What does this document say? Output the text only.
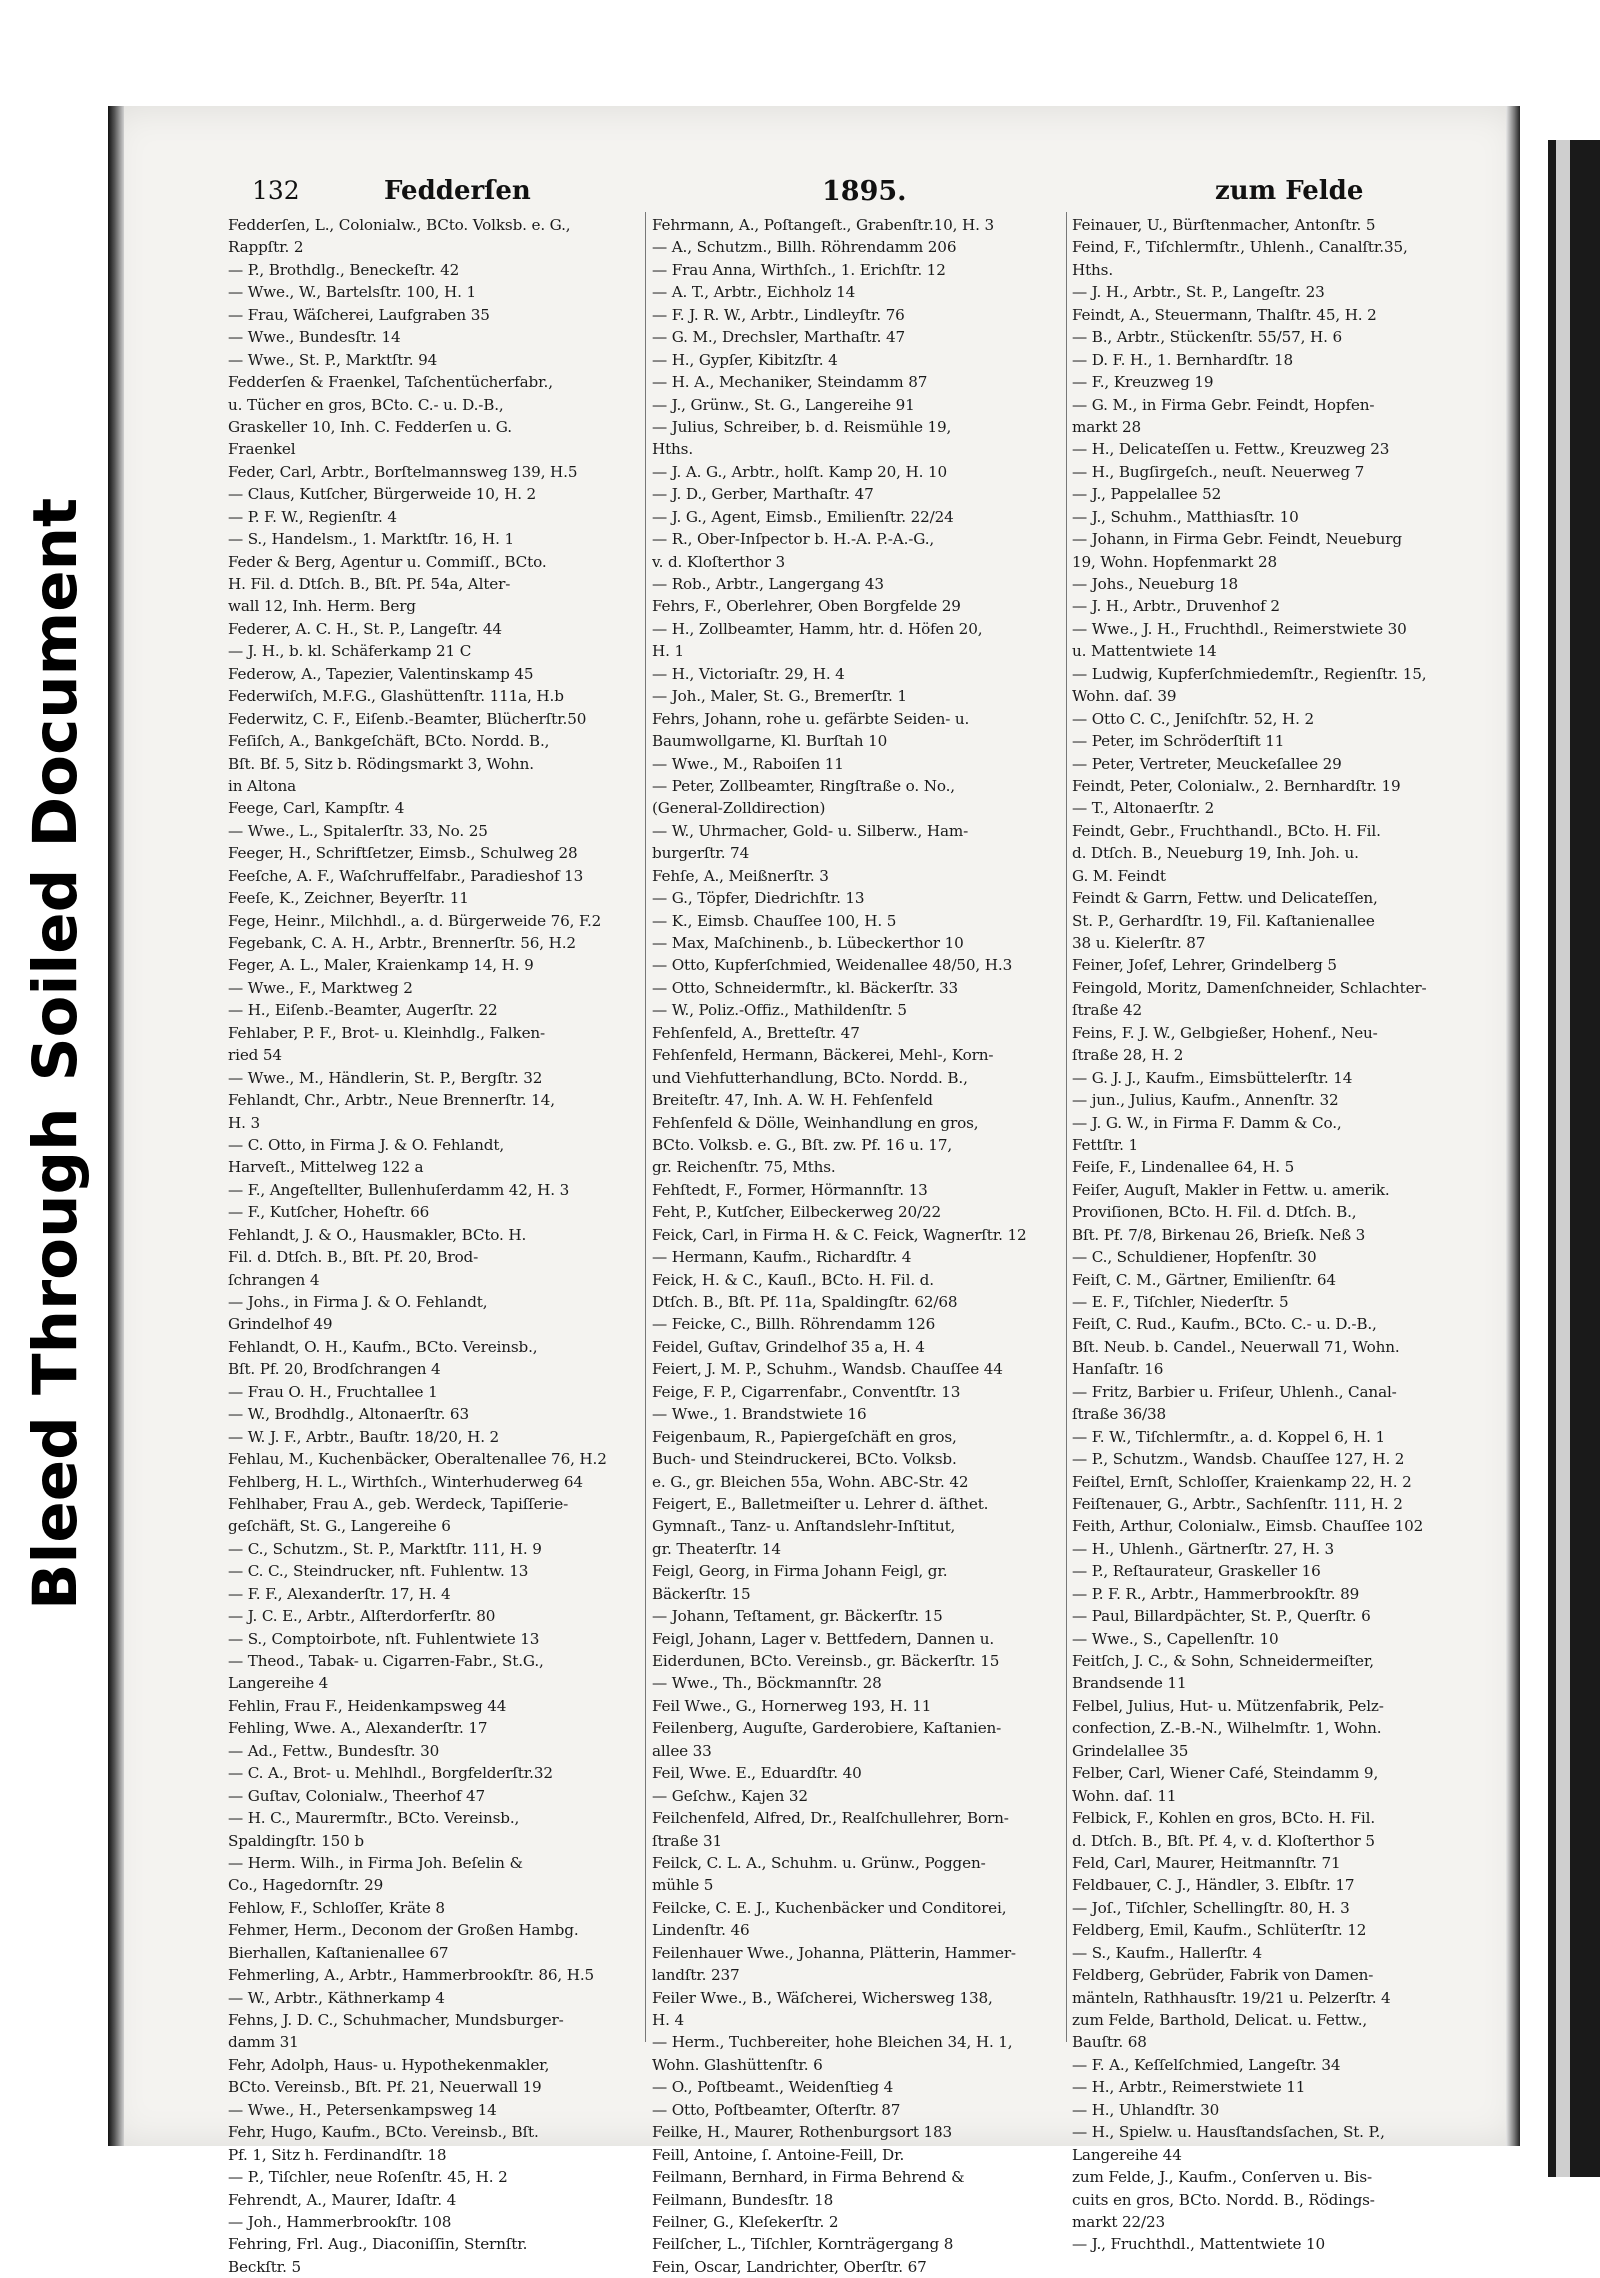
Bleed ThroughSoiled Document
132	Fedderſen	1895.	zum Felde
Fedderſen, L., Colonialw., BCto. Volksb. e. G.,
Rappſtr. 2
— P., Brothdlg., Beneckeſtr. 42
— Wwe., W., Bartelsſtr. 100, H. 1
— Frau, Wäſcherei, Laufgraben 35
— Wwe., Bundesſtr. 14
— Wwe., St. P., Marktſtr. 94
Fedderſen & Fraenkel, Taſchentücherfabr.,
u. Tücher en gros, BCto. C.- u. D.-B.,
Graskeller 10, Inh. C. Fedderſen u. G.
Fraenkel
Feder, Carl, Arbtr., Borſtelmannsweg 139, H.5
— Claus, Kutſcher, Bürgerweide 10, H. 2
— P. F. W., Regienſtr. 4
— S., Handelsm., 1. Marktſtr. 16, H. 1
Feder & Berg, Agentur u. Commiſſ., BCto.
H. Fil. d. Dtſch. B., Bſt. Pf. 54a, Alter-
wall 12, Inh. Herm. Berg
Federer, A. C. H., St. P., Langeſtr. 44
— J. H., b. kl. Schäferkamp 21 C
Federow, A., Tapezier, Valentinskamp 45
Federwiſch, M.F.G., Glashüttenſtr. 111a, H.b
Federwitz, C. F., Eiſenb.-Beamter, Blücherſtr.50
Feſiſch, A., Bankgeſchäft, BCto. Nordd. B.,
Bſt. Bf. 5, Sitz b. Rödingsmarkt 3, Wohn.
in Altona
Feege, Carl, Kampſtr. 4
— Wwe., L., Spitalerſtr. 33, No. 25
Feeger, H., Schriftſetzer, Eimsb., Schulweg 28
Feeſche, A. F., Waſchruffelfabr., Paradieshof 13
Feeſe, K., Zeichner, Beyerſtr. 11
Fege, Heinr., Milchhdl., a. d. Bürgerweide 76, F.2
Fegebank, C. A. H., Arbtr., Brennerſtr. 56, H.2
Feger, A. L., Maler, Kraienkamp 14, H. 9
— Wwe., F., Marktweg 2
— H., Eiſenb.-Beamter, Augerſtr. 22
Fehlaber, P. F., Brot- u. Kleinhdlg., Falken-
ried 54
— Wwe., M., Händlerin, St. P., Bergſtr. 32
Fehlandt, Chr., Arbtr., Neue Brennerſtr. 14,
H. 3
— C. Otto, in Firma J. & O. Fehlandt,
Harveſt., Mittelweg 122 a
— F., Angeſtellter, Bullenhuſerdamm 42, H. 3
— F., Kutſcher, Hoheſtr. 66
Fehlandt, J. & O., Hausmakler, BCto. H.
Fil. d. Dtſch. B., Bſt. Pf. 20, Brod-
ſchrangen 4
— Johs., in Firma J. & O. Fehlandt,
Grindelhof 49
Fehlandt, O. H., Kaufm., BCto. Vereinsb.,
Bſt. Pf. 20, Brodſchrangen 4
— Frau O. H., Fruchtallee 1
— W., Brodhdlg., Altonaerſtr. 63
— W. J. F., Arbtr., Bauſtr. 18/20, H. 2
Fehlau, M., Kuchenbäcker, Oberaltenallee 76, H.2
Fehlberg, H. L., Wirthſch., Winterhuderweg 64
Fehlhaber, Frau A., geb. Werdeck, Tapiſſerie-
geſchäft, St. G., Langereihe 6
— C., Schutzm., St. P., Marktſtr. 111, H. 9
— C. C., Steindrucker, nft. Fuhlentw. 13
— F. F., Alexanderſtr. 17, H. 4
— J. C. E., Arbtr., Alſterdorferſtr. 80
— S., Comptoirbote, nſt. Fuhlentwiete 13
— Theod., Tabak- u. Cigarren-Fabr., St.G.,
Langereihe 4
Fehlin, Frau F., Heidenkampsweg 44
Fehling, Wwe. A., Alexanderſtr. 17
— Ad., Fettw., Bundesſtr. 30
— C. A., Brot- u. Mehlhdl., Borgfelderſtr.32
— Guſtav, Colonialw., Theerhof 47
— H. C., Maurermſtr., BCto. Vereinsb.,
Spaldingſtr. 150 b
— Herm. Wilh., in Firma Joh. Beſelin &
Co., Hagedornſtr. 29
Fehlow, F., Schloſſer, Kräte 8
Fehmer, Herm., Deconom der Großen Hambg.
Bierhallen, Kaſtanienallee 67
Fehmerling, A., Arbtr., Hammerbrookſtr. 86, H.5
— W., Arbtr., Käthnerkamp 4
Fehns, J. D. C., Schuhmacher, Mundsburger-
damm 31
Fehr, Adolph, Haus- u. Hypothekenmakler,
BCto. Vereinsb., Bſt. Pf. 21, Neuerwall 19
— Wwe., H., Petersenkampsweg 14
Fehr, Hugo, Kaufm., BCto. Vereinsb., Bſt.
Pf. 1, Sitz h. Ferdinandſtr. 18
— P., Tiſchler, neue Roſenſtr. 45, H. 2
Fehrendt, A., Maurer, Idaſtr. 4
— Joh., Hammerbrookſtr. 108
Fehring, Frl. Aug., Diaconiſſin, Sternſtr.
Beckſtr. 5
Fehrmann, A., Poſtangeſt., Grabenſtr.10, H. 3
— A., Schutzm., Billh. Röhrendamm 206
— Frau Anna, Wirthſch., 1. Erichſtr. 12
— A. T., Arbtr., Eichholz 14
— F. J. R. W., Arbtr., Lindleyſtr. 76
— G. M., Drechsler, Marthaſtr. 47
— H., Gypſer, Kibitzſtr. 4
— H. A., Mechaniker, Steindamm 87
— J., Grünw., St. G., Langereihe 91
— Julius, Schreiber, b. d. Reismühle 19,
Hths.
— J. A. G., Arbtr., holſt. Kamp 20, H. 10
— J. D., Gerber, Marthaſtr. 47
— J. G., Agent, Eimsb., Emilienſtr. 22/24
— R., Ober-Inſpector b. H.-A. P.-A.-G.,
v. d. Kloſterthor 3
— Rob., Arbtr., Langergang 43
Fehrs, F., Oberlehrer, Oben Borgfelde 29
— H., Zollbeamter, Hamm, htr. d. Höfen 20,
H. 1
— H., Victoriaſtr. 29, H. 4
— Joh., Maler, St. G., Bremerſtr. 1
Fehrs, Johann, rohe u. gefärbte Seiden- u.
Baumwollgarne, Kl. Burſtah 10
— Wwe., M., Raboiſen 11
— Peter, Zollbeamter, Ringſtraße o. No.,
(General-Zolldirection)
— W., Uhrmacher, Gold- u. Silberw., Ham-
burgerſtr. 74
Fehſe, A., Meißnerſtr. 3
— G., Töpfer, Diedrichſtr. 13
— K., Eimsb. Chauſſee 100, H. 5
— Max, Maſchinenb., b. Lübeckerthor 10
— Otto, Kupferſchmied, Weidenallee 48/50, H.3
— Otto, Schneidermſtr., kl. Bäckerſtr. 33
— W., Poliz.-Offiz., Mathildenſtr. 5
Fehſenfeld, A., Bretteſtr. 47
Fehſenfeld, Hermann, Bäckerei, Mehl-, Korn-
und Viehfutterhandlung, BCto. Nordd. B.,
Breiteſtr. 47, Inh. A. W. H. Fehſenfeld
Fehſenfeld & Dölle, Weinhandlung en gros,
BCto. Volksb. e. G., Bſt. zw. Pf. 16 u. 17,
gr. Reichenſtr. 75, Mths.
Fehſtedt, F., Former, Hörmannſtr. 13
Feht, P., Kutſcher, Eilbeckerweg 20/22
Feick, Carl, in Firma H. & C. Feick, Wagnerſtr. 12
— Hermann, Kaufm., Richardſtr. 4
Feick, H. & C., Kauſl., BCto. H. Fil. d.
Dtſch. B., Bſt. Pf. 11a, Spaldingſtr. 62/68
— Feicke, C., Billh. Röhrendamm 126
Feidel, Guſtav, Grindelhof 35 a, H. 4
Feiert, J. M. P., Schuhm., Wandsb. Chauſſee 44
Feige, F. P., Cigarrenfabr., Conventſtr. 13
— Wwe., 1. Brandstwiete 16
Feigenbaum, R., Papiergeſchäft en gros,
Buch- und Steindruckerei, BCto. Volksb.
e. G., gr. Bleichen 55a, Wohn. ABC-Str. 42
Feigert, E., Balletmeiſter u. Lehrer d. äſthet.
Gymnaſt., Tanz- u. Anſtandslehr-Inſtitut,
gr. Theaterſtr. 14
Feigl, Georg, in Firma Johann Feigl, gr.
Bäckerſtr. 15
— Johann, Teſtament, gr. Bäckerſtr. 15
Feigl, Johann, Lager v. Bettfedern, Dannen u.
Eiderdunen, BCto. Vereinsb., gr. Bäckerſtr. 15
— Wwe., Th., Böckmannſtr. 28
Feil Wwe., G., Hornerweg 193, H. 11
Feilenberg, Auguſte, Garderobiere, Kaſtanien-
allee 33
Feil, Wwe. E., Eduardſtr. 40
— Geſchw., Kajen 32
Feilchenfeld, Alfred, Dr., Realſchullehrer, Born-
ſtraße 31
Feilck, C. L. A., Schuhm. u. Grünw., Poggen-
mühle 5
Feilcke, C. E. J., Kuchenbäcker und Conditorei,
Lindenſtr. 46
Feilenhauer Wwe., Johanna, Plätterin, Hammer-
landſtr. 237
Feiler Wwe., B., Wäſcherei, Wichersweg 138,
H. 4
— Herm., Tuchbereiter, hohe Bleichen 34, H. 1,
Wohn. Glashüttenſtr. 6
— O., Poſtbeamt., Weidenſtieg 4
— Otto, Poſtbeamter, Oſterſtr. 87
Feilke, H., Maurer, Rothenburgsort 183
Feill, Antoine, ſ. Antoine-Feill, Dr.
Feilmann, Bernhard, in Firma Behrend &
Feilmann, Bundesſtr. 18
Feilner, G., Kleſekerſtr. 2
Feilſcher, L., Tiſchler, Kornträgergang 8
Fein, Oscar, Landrichter, Oberſtr. 67
Feinauer, U., Bürſtenmacher, Antonſtr. 5
Feind, F., Tiſchlermſtr., Uhlenh., Canalſtr.35,
Hths.
— J. H., Arbtr., St. P., Langeſtr. 23
Feindt, A., Steuermann, Thalſtr. 45, H. 2
— B., Arbtr., Stückenſtr. 55/57, H. 6
— D. F. H., 1. Bernhardſtr. 18
— F., Kreuzweg 19
— G. M., in Firma Gebr. Feindt, Hopfen-
markt 28
— H., Delicateſſen u. Fettw., Kreuzweg 23
— H., Bugſirgeſch., neuſt. Neuerweg 7
— J., Pappelallee 52
— J., Schuhm., Matthiasſtr. 10
— Johann, in Firma Gebr. Feindt, Neueburg
19, Wohn. Hopfenmarkt 28
— Johs., Neueburg 18
— J. H., Arbtr., Druvenhof 2
— Wwe., J. H., Fruchthdl., Reimerstwiete 30
u. Mattentwiete 14
— Ludwig, Kupferſchmiedemſtr., Regienſtr. 15,
Wohn. daſ. 39
— Otto C. C., Jeniſchſtr. 52, H. 2
— Peter, im Schröderſtift 11
— Peter, Vertreter, Meuckeſallee 29
Feindt, Peter, Colonialw., 2. Bernhardſtr. 19
— T., Altonaerſtr. 2
Feindt, Gebr., Fruchthandl., BCto. H. Fil.
d. Dtſch. B., Neueburg 19, Inh. Joh. u.
G. M. Feindt
Feindt & Garrn, Fettw. und Delicateſſen,
St. P., Gerhardſtr. 19, Fil. Kaſtanienallee
38 u. Kielerſtr. 87
Feiner, Joſef, Lehrer, Grindelberg 5
Feingold, Moritz, Damenſchneider, Schlachter-
ſtraße 42
Feins, F. J. W., Gelbgießer, Hohenf., Neu-
ſtraße 28, H. 2
— G. J. J., Kaufm., Eimsbüttelerſtr. 14
— jun., Julius, Kaufm., Annenſtr. 32
— J. G. W., in Firma F. Damm & Co.,
Fettſtr. 1
Feiſe, F., Lindenallee 64, H. 5
Feiſer, Auguſt, Makler in Fettw. u. amerik.
Proviſionen, BCto. H. Fil. d. Dtſch. B.,
Bſt. Pf. 7/8, Birkenau 26, Brieſk. Neß 3
— C., Schuldiener, Hopfenſtr. 30
Feiſt, C. M., Gärtner, Emilienſtr. 64
— E. F., Tiſchler, Niederſtr. 5
Feiſt, C. Rud., Kaufm., BCto. C.- u. D.-B.,
Bſt. Neub. b. Candel., Neuerwall 71, Wohn.
Hanſaſtr. 16
— Fritz, Barbier u. Friſeur, Uhlenh., Canal-
ſtraße 36/38
— F. W., Tiſchlermſtr., a. d. Koppel 6, H. 1
— P., Schutzm., Wandsb. Chauſſee 127, H. 2
Feiſtel, Ernſt, Schloſſer, Kraienkamp 22, H. 2
Feiſtenauer, G., Arbtr., Sachſenſtr. 111, H. 2
Feith, Arthur, Colonialw., Eimsb. Chauſſee 102
— H., Uhlenh., Gärtnerſtr. 27, H. 3
— P., Reſtaurateur, Graskeller 16
— P. F. R., Arbtr., Hammerbrookſtr. 89
— Paul, Billardpächter, St. P., Querſtr. 6
— Wwe., S., Capellenſtr. 10
Feitſch, J. C., & Sohn, Schneidermeiſter,
Brandsende 11
Felbel, Julius, Hut- u. Mützenfabrik, Pelz-
confection, Z.-B.-N., Wilhelmſtr. 1, Wohn.
Grindelallee 35
Felber, Carl, Wiener Café, Steindamm 9,
Wohn. daſ. 11
Felbick, F., Kohlen en gros, BCto. H. Fil.
d. Dtſch. B., Bſt. Pf. 4, v. d. Kloſterthor 5
Feld, Carl, Maurer, Heitmannſtr. 71
Feldbauer, C. J., Händler, 3. Elbſtr. 17
— Joſ., Tiſchler, Schellingſtr. 80, H. 3
Feldberg, Emil, Kaufm., Schlüterſtr. 12
— S., Kaufm., Hallerſtr. 4
Feldberg, Gebrüder, Fabrik von Damen-
mänteln, Rathhausſtr. 19/21 u. Pelzerſtr. 4
zum Felde, Barthold, Delicat. u. Fettw.,
Bauſtr. 68
— F. A., Keſſelſchmied, Langeſtr. 34
— H., Arbtr., Reimerstwiete 11
— H., Uhlandſtr. 30
— H., Spielw. u. Hausſtandsſachen, St. P.,
Langereihe 44
zum Felde, J., Kaufm., Conſerven u. Bis-
cuits en gros, BCto. Nordd. B., Rödings-
markt 22/23
— J., Fruchthdl., Mattentwiete 10
